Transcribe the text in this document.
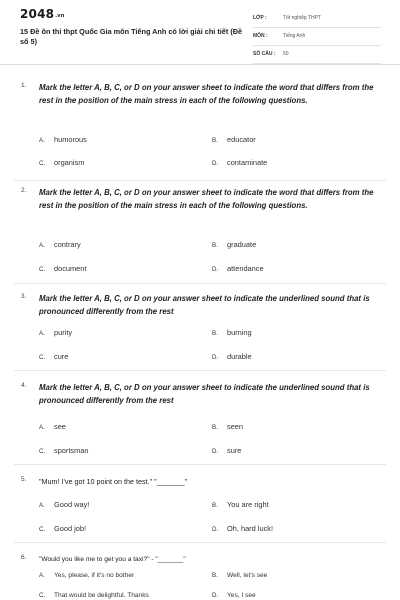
$2048_{.vn}$
15 Đề ôn thi thpt Quốc Gia môn Tiếng Anh có lời giải chi tiết (Đề số 5)
LỚP :	Tốt nghiệp THPT
MÔN :	Tiếng Anh
SỐ CÂU : 50
1. Mark the letter A, B, C, or D on your answer sheet to indicate the word that differs from the rest in the position of the main stress in each of the following questions.
A. humorous	B. educator
C. organism	D. contaminate
2. Mark the letter A, B, C, or D on your answer sheet to indicate the word that differs from the rest in the position of the main stress in each of the following questions.
A. contrary	B. graduate
C. document	D. attendance
3. Mark the letter A, B, C, or D on your answer sheet to indicate the underlined sound that is pronounced differently from the rest
A. purity	B. burning
C. cure	D. durable
4. Mark the letter A, B, C, or D on your answer sheet to indicate the underlined sound that is pronounced differently from the rest
A. see	B. seen
C. sportsman	D. sure
5. "Mum! I've got 10 point on the test." "_______"
A. Good way!	B. You are right
C. Good job!	D. Oh, hard luck!
6. "Would you like me to get you a taxi?" - "_______"
A. Yes, please, if it's no bother	B. Well, let's see
C. That would be delightful. Thanks	D. Yes, I see
